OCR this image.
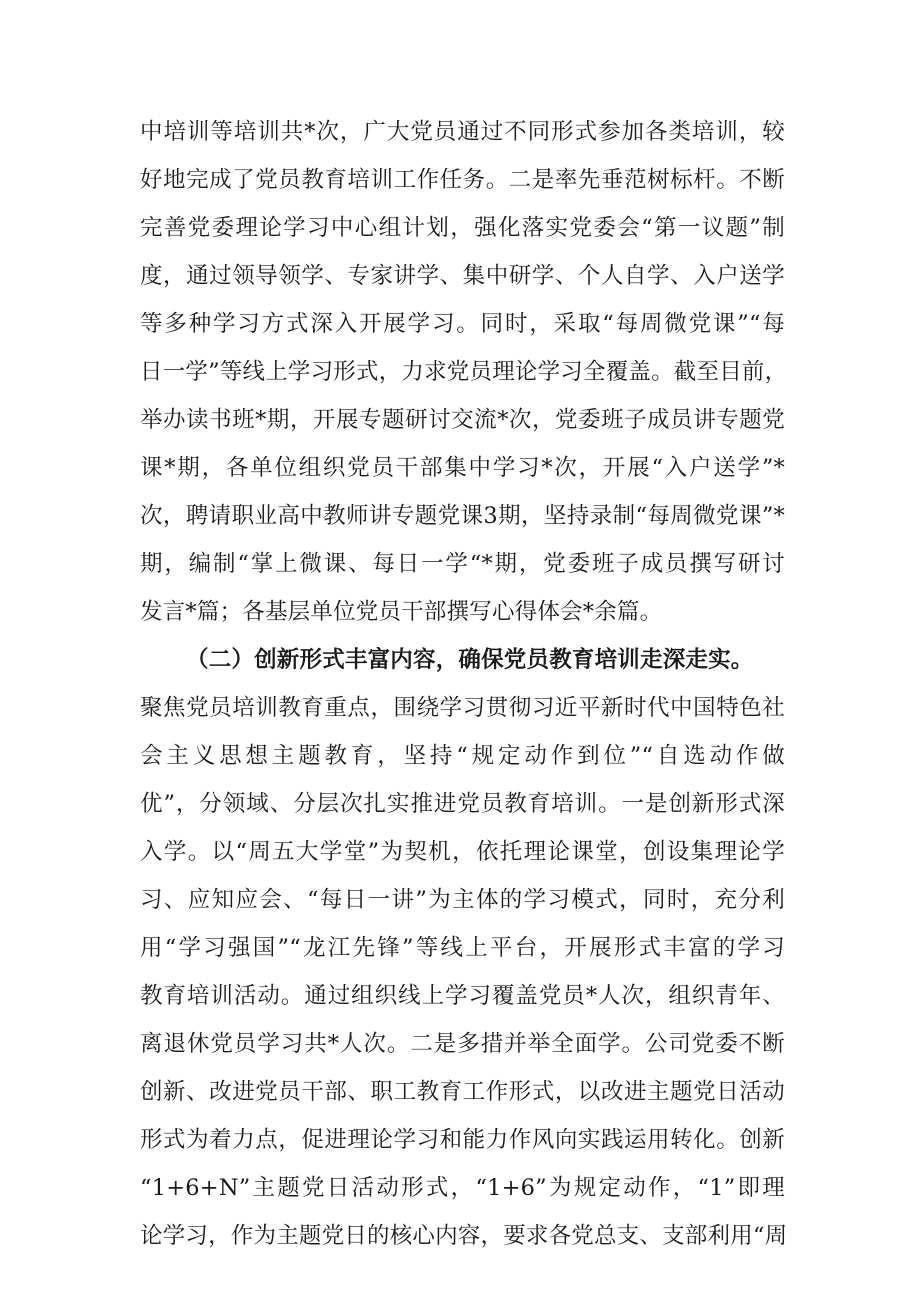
中培训等培训共*次，广大党员通过不同形式参加各类培训，较
好地完成了党员教育培训工作任务。二是率先垂范树标杆。不断
完善党委理论学习中心组计划，强化落实党委会“第一议题”制
度，通过领导领学、专家讲学、集中研学、个人自学、入户送学
等多种学习方式深入开展学习。同时，采取“每周微党课”“每
日一学”等线上学习形式，力求党员理论学习全覆盖。截至目前，
举办读书班*期，开展专题研讨交流*次，党委班子成员讲专题党
课*期，各单位组织党员干部集中学习*次，开展“入户送学”*
次，聘请职业高中教师讲专题党课3期，坚持录制“每周微党课”*
期，编制“掌上微课、每日一学“*期，党委班子成员撰写研讨
发言*篇；各基层单位党员干部撰写心得体会*余篇。
（二）创新形式丰富内容，确保党员教育培训走深走实。
聚焦党员培训教育重点，围绕学习贯彻习近平新时代中国特色社
会主义思想主题教育，坚持“规定动作到位”“自选动作做
优”，分领域、分层次扎实推进党员教育培训。一是创新形式深
入学。以“周五大学堂”为契机，依托理论课堂，创设集理论学
习、应知应会、“每日一讲”为主体的学习模式，同时，充分利
用“学习强国”“龙江先锋”等线上平台，开展形式丰富的学习
教育培训活动。通过组织线上学习覆盖党员*人次，组织青年、
离退休党员学习共*人次。二是多措并举全面学。公司党委不断
创新、改进党员干部、职工教育工作形式，以改进主题党日活动
形式为着力点，促进理论学习和能力作风向实践运用转化。创新
“1+6+N”主题党日活动形式，“1+6”为规定动作，“1”即理
论学习，作为主题党日的核心内容，要求各党总支、支部利用“周
